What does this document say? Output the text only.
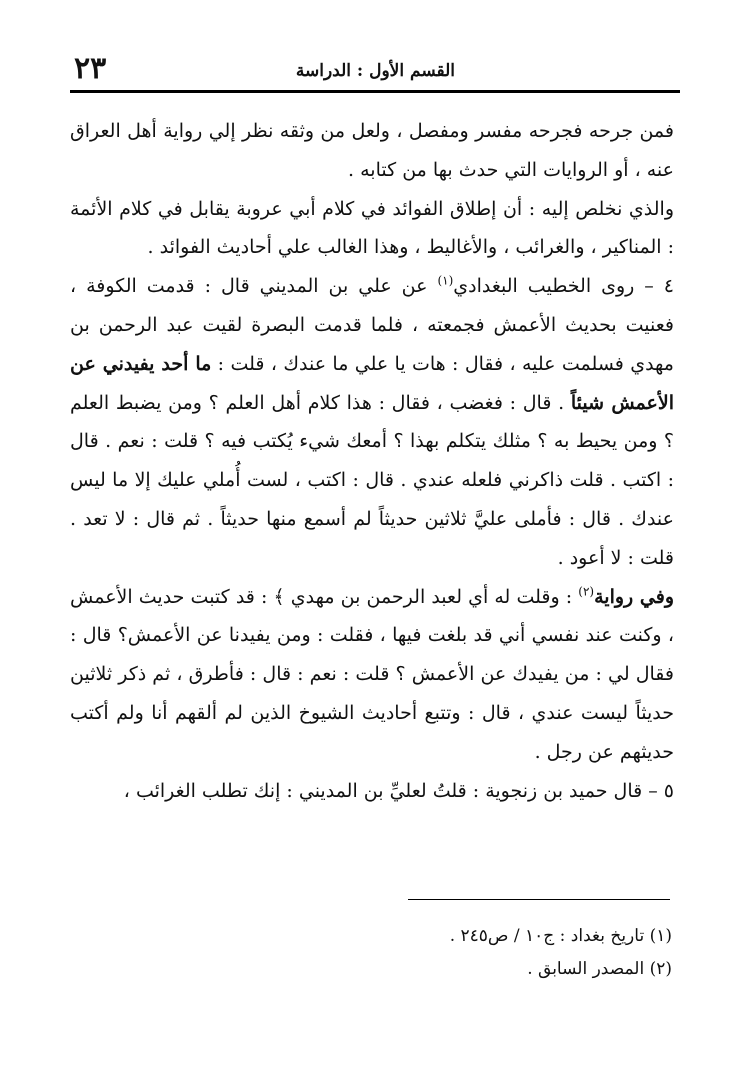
٢٣	القسم الأول : الدراسة

فمن جرحه فجرحه مفسر ومفصل ، ولعل من وثقه نظر إلي رواية أهل العراق عنه ، أو الروايات التي حدث بها من كتابه .

والذي نخلص إليه : أن إطلاق الفوائد في كلام أبي عروبة يقابل في كلام الأئمة : المناكير ، والغرائب ، والأغاليط ، وهذا الغالب علي أحاديث الفوائد .

٤ – روى الخطيب البغدادي$^{(١)}$ عن علي بن المديني قال : قدمت الكوفة ، فعنيت بحديث الأعمش فجمعته ، فلما قدمت البصرة لقيت عبد الرحمن بن مهدي فسلمت عليه ، فقال : هات يا علي ما عندك ، قلت : ما أحد يفيدني عن الأعمش شيئاً . قال : فغضب ، فقال : هذا كلام أهل العلم ؟ ومن يضبط العلم ؟ ومن يحيط به ؟ مثلك يتكلم بهذا ؟ أمعك شيء يُكتب فيه ؟ قلت : نعم . قال : اكتب . قلت ذاكرني فلعله عندي . قال : اكتب ، لست أُملي عليك إلا ما ليس عندك . قال : فأملى عليَّ ثلاثين حديثاً لم أسمع منها حديثاً . ثم قال : لا تعد . قلت : لا أعود .

وفي رواية$^{(٢)}$ : وقلت له أي لعبد الرحمن بن مهدي ﴾ : قد كتبت حديث الأعمش ، وكنت عند نفسي أني قد بلغت فيها ، فقلت : ومن يفيدنا عن الأعمش؟ قال : فقال لي : من يفيدك عن الأعمش ؟ قلت : نعم : قال : فأطرق ، ثم ذكر ثلاثين حديثاً ليست عندي ، قال : وتتبع أحاديث الشيوخ الذين لم ألقهم أنا ولم أكتب حديثهم عن رجل .

٥ – قال حميد بن زنجوية : قلتُ لعليِّ بن المديني : إنك تطلب الغرائب ،

(١) تاريخ بغداد : ج١٠ / ص٢٤٥ .

(٢) المصدر السابق .
